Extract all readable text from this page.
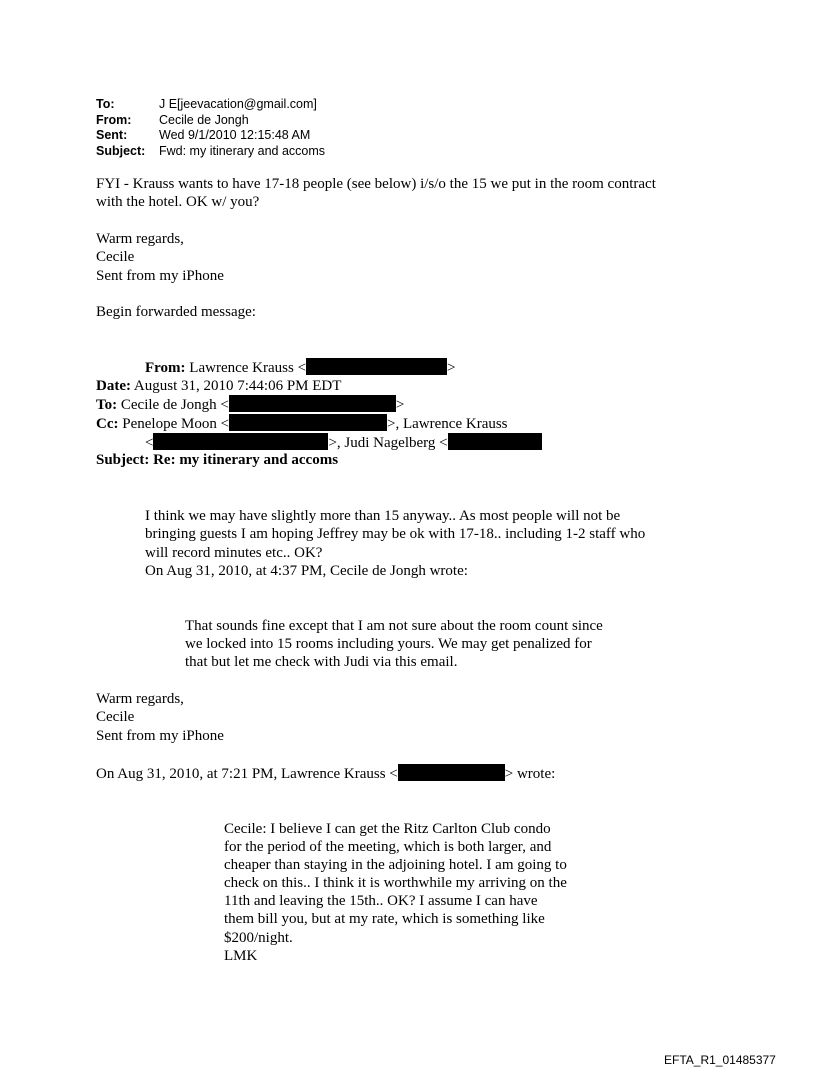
To:	J E[jeevacation@gmail.com]
From: Cecile de Jongh
Sent:	Wed 9/1/2010 12:15:48 AM
Subject: Fwd: my itinerary and accoms
FYI - Krauss wants to have 17-18 people (see below) i/s/o the 15 we put in the room contract
with the hotel. OK w/ you?
Warm regards,
Cecile
Sent from my iPhone
Begin forwarded message:
From: Lawrence Krauss <	>
Date: August 31, 2010 7:44:06 PM EDT
To: Cecile de Jongh <	>
Cc: Penelope Moon <	>, Lawrence Krauss
<	>, Judi Nagelberg <
Subject: Re: my itinerary and accoms
I think we may have slightly more than 15 anyway.. As most people will not be
bringing guests I am hoping Jeffrey may be ok with 17-18.. including 1-2 staff who
will record minutes etc.. OK?
On Aug 31, 2010, at 4:37 PM, Cecile de Jongh wrote:
That sounds fine except that I am not sure about the room count since
we locked into 15 rooms including yours. We may get penalized for
that but let me check with Judi via this email.
Warm regards,
Cecile
Sent from my iPhone
On Aug 31, 2010, at 7:21 PM, Lawrence Krauss <	> wrote:
Cecile: I believe I can get the Ritz Carlton Club condo
for the period of the meeting, which is both larger, and
cheaper than staying in the adjoining hotel. I am going to
check on this.. I think it is worthwhile my arriving on the
11th and leaving the 15th.. OK? I assume I can have
them bill you, but at my rate, which is something like
$200/night.
LMK
EFTA_R1_01485377
